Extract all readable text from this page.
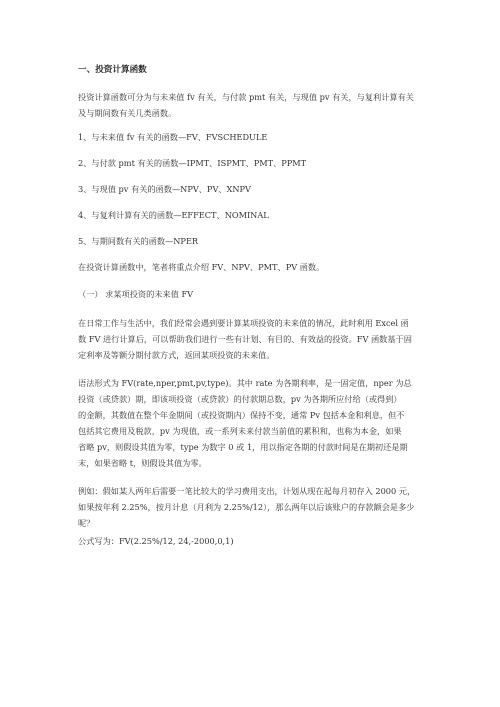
一、投资计算函数
投资计算函数可分为与未来值 fv 有关，与付款 pmt 有关，与现值 pv 有关，与复利计算有关
及与期间数有关几类函数。
1、与未来值 fv 有关的函数—FV、FVSCHEDULE
2、与付款 pmt 有关的函数—IPMT、ISPMT、PMT、PPMT
3、与现值 pv 有关的函数—NPV、PV、XNPV
4、与复利计算有关的函数—EFFECT、NOMINAL
5、与期间数有关的函数—NPER
在投资计算函数中，笔者将重点介绍 FV、NPV、PMT、PV 函数。
（一） 求某项投资的未来值 FV
在日常工作与生活中，我们经常会遇到要计算某项投资的未来值的情况，此时利用 Excel 函
数 FV 进行计算后，可以帮助我们进行一些有计划、有目的、有效益的投资。FV 函数基于固
定利率及等额分期付款方式，返回某项投资的未来值。
语法形式为 FV(rate,nper,pmt,pv,type)。其中 rate 为各期利率，是一固定值，nper 为总
投资（或贷款）期，即该项投资（或贷款）的付款期总数，pv 为各期所应付给（或得到）
的金额，其数值在整个年金期间（或投资期内）保持不变，通常 Pv 包括本金和利息，但不
包括其它费用及税款，pv 为现值，或一系列未来付款当前值的累积和，也称为本金，如果
省略 pv，则假设其值为零，type 为数字 0 或 1，用以指定各期的付款时间是在期初还是期
末，如果省略 t，则假设其值为零。
例如：假如某人两年后需要一笔比较大的学习费用支出，计划从现在起每月初存入 2000 元，
如果按年利 2.25%，按月计息（月利为 2.25%/12），那么两年以后该账户的存款额会是多少
呢？
公式写为：FV(2.25%/12, 24,-2000,0,1)
